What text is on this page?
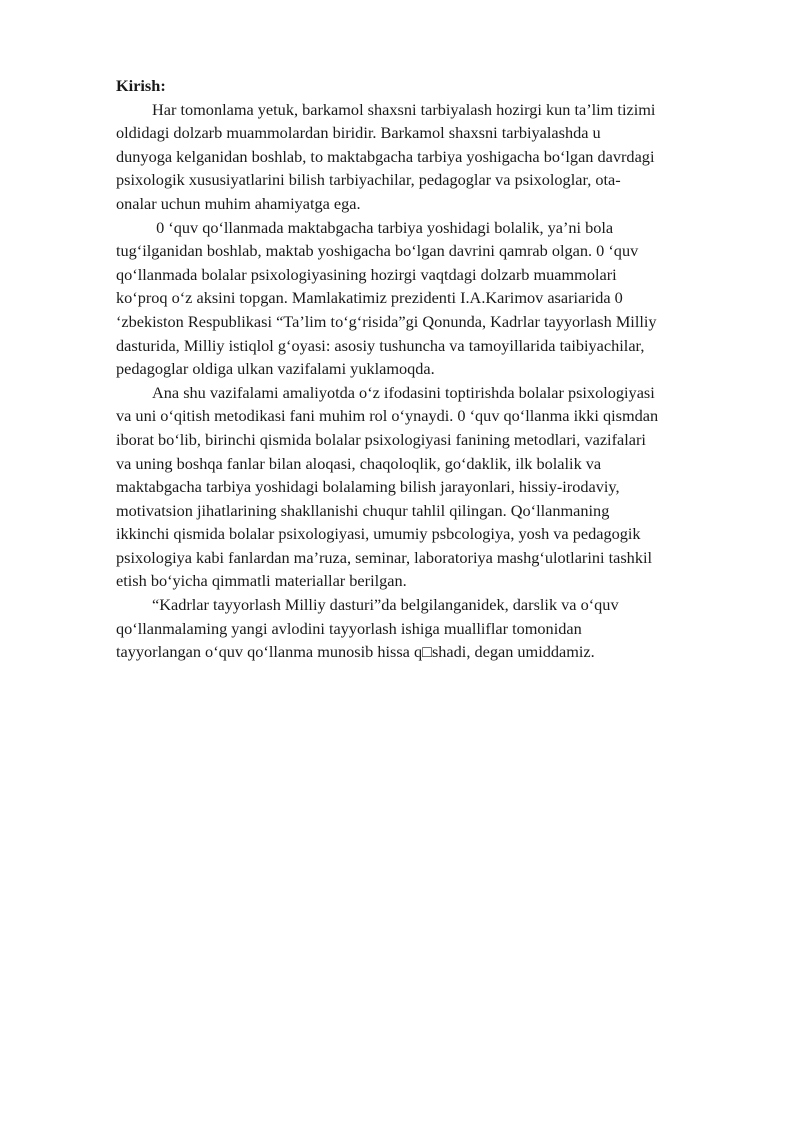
Kirish:

Har tomonlama yetuk, barkamol shaxsni tarbiyalash hozirgi kun ta’lim tizimi
oldidagi dolzarb muammolardan biridir. Barkamol shaxsni tarbiyalashda u
dunyoga kelganidan boshlab, to maktabgacha tarbiya yoshigacha bo‘lgan davrdagi
psixologik xususiyatlarini bilish tarbiyachilar, pedagoglar va psixologlar, ota-
onalar uchun muhim ahamiyatga ega.

0 ‘quv qo‘llanmada maktabgacha tarbiya yoshidagi bolalik, ya’ni bola
tug‘ilganidan boshlab, maktab yoshigacha bo‘lgan davrini qamrab olgan. 0 ‘quv
qo‘llanmada bolalar psixologiyasining hozirgi vaqtdagi dolzarb muammolari
ko‘proq o‘z aksini topgan. Mamlakatimiz prezidenti I.A.Karimov asariarida 0
‘zbekiston Respublikasi “Ta’lim to‘g‘risida”gi Qonunda, Kadrlar tayyorlash Milliy
dasturida, Milliy istiqlol g‘oyasi: asosiy tushuncha va tamoyillarida taibiyachilar,
pedagoglar oldiga ulkan vazifalami yuklamoqda.

Ana shu vazifalami amaliyotda o‘z ifodasini toptirishda bolalar psixologiyasi
va uni o‘qitish metodikasi fani muhim rol o‘ynaydi. 0 ‘quv qo‘llanma ikki qismdan
iborat bo‘lib, birinchi qismida bolalar psixologiyasi fanining metodlari, vazifalari
va uning boshqa fanlar bilan aloqasi, chaqoloqlik, go‘daklik, ilk bolalik va
maktabgacha tarbiya yoshidagi bolalaming bilish jarayonlari, hissiy-irodaviy,
motivatsion jihatlarining shakllanishi chuqur tahlil qilingan. Qo‘llanmaning
ikkinchi qismida bolalar psixologiyasi, umumiy psbcologiya, yosh va pedagogik
psixologiya kabi fanlardan ma’ruza, seminar, laboratoriya mashg‘ulotlarini tashkil
etish bo‘yicha qimmatli materiallar berilgan.

“Kadrlar tayyorlash Milliy dasturi”da belgilanganidek, darslik va o‘quv
qo‘llanmalaming yangi avlodini tayyorlash ishiga mualliflar tomonidan
tayyorlangan o‘quv qo‘llanma munosib hissa q□shadi, degan umiddamiz.
